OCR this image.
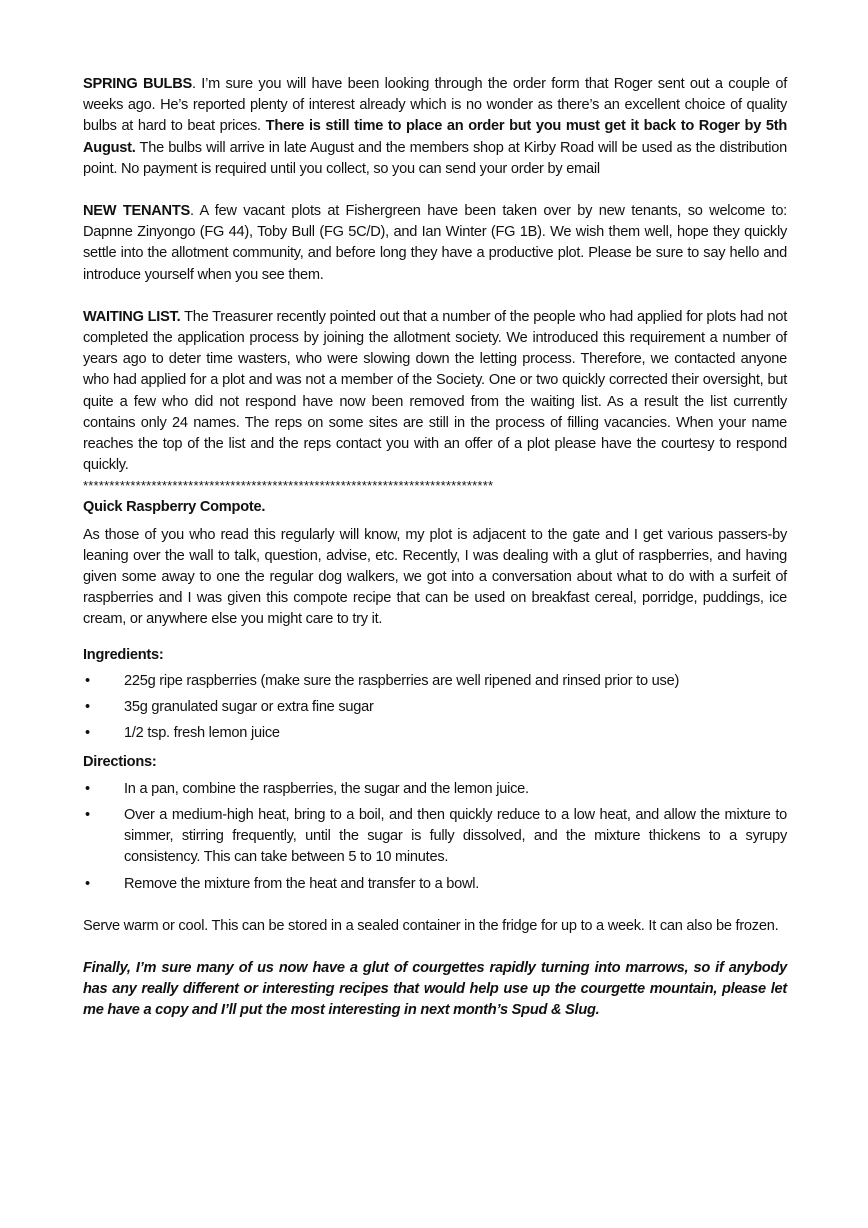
SPRING BULBS. I’m sure you will have been looking through the order form that Roger sent out a couple of weeks ago. He’s reported plenty of interest already which is no wonder as there’s an excellent choice of quality bulbs at hard to beat prices. There is still time to place an order but you must get it back to Roger by 5th August. The bulbs will arrive in late August and the members shop at Kirby Road will be used as the distribution point. No payment is required until you collect, so you can send your order by email

NEW TENANTS. A few vacant plots at Fishergreen have been taken over by new tenants, so welcome to: Dapnne Zinyongo (FG 44), Toby Bull (FG 5C/D), and Ian Winter (FG 1B). We wish them well, hope they quickly settle into the allotment community, and before long they have a productive plot. Please be sure to say hello and introduce yourself when you see them.

WAITING LIST. The Treasurer recently pointed out that a number of the people who had applied for plots had not completed the application process by joining the allotment society. We introduced this requirement a number of years ago to deter time wasters, who were slowing down the letting process. Therefore, we contacted anyone who had applied for a plot and was not a member of the Society. One or two quickly corrected their oversight, but quite a few who did not respond have now been removed from the waiting list. As a result the list currently contains only 24 names. The reps on some sites are still in the process of filling vacancies. When your name reaches the top of the list and the reps contact you with an offer of a plot please have the courtesy to respond quickly.

******************************************************************************
Quick Raspberry Compote.

As those of you who read this regularly will know, my plot is adjacent to the gate and I get various passers-by leaning over the wall to talk, question, advise, etc. Recently, I was dealing with a glut of raspberries, and having given some away to one the regular dog walkers, we got into a conversation about what to do with a surfeit of raspberries and I was given this compote recipe that can be used on breakfast cereal, porridge, puddings, ice cream, or anywhere else you might care to try it.

Ingredients:
• 225g ripe raspberries (make sure the raspberries are well ripened and rinsed prior to use)
• 35g granulated sugar or extra fine sugar
• 1/2 tsp. fresh lemon juice
Directions:
• In a pan, combine the raspberries, the sugar and the lemon juice.
• Over a medium-high heat, bring to a boil, and then quickly reduce to a low heat, and allow the mixture to simmer, stirring frequently, until the sugar is fully dissolved, and the mixture thickens to a syrupy consistency. This can take between 5 to 10 minutes.
• Remove the mixture from the heat and transfer to a bowl.

Serve warm or cool. This can be stored in a sealed container in the fridge for up to a week. It can also be frozen.

Finally, I’m sure many of us now have a glut of courgettes rapidly turning into marrows, so if anybody has any really different or interesting recipes that would help use up the courgette mountain, please let me have a copy and I’ll put the most interesting in next month’s Spud & Slug.
